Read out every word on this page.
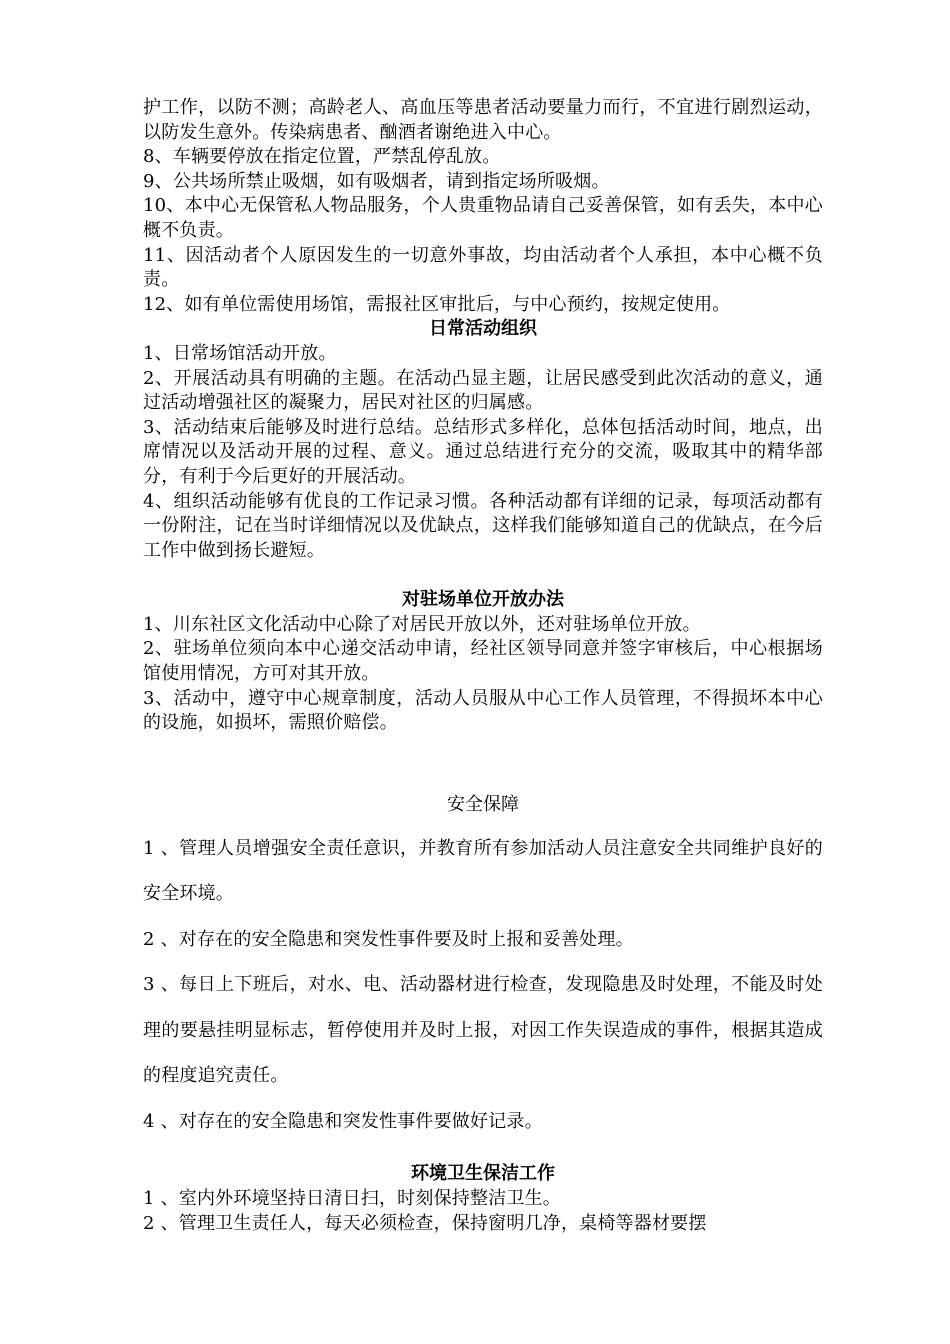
护工作，以防不测；高龄老人、高血压等患者活动要量力而行，不宜进行剧烈运动，以防发生意外。传染病患者、酗酒者谢绝进入中心。

8、车辆要停放在指定位置，严禁乱停乱放。

9、公共场所禁止吸烟，如有吸烟者，请到指定场所吸烟。

10、本中心无保管私人物品服务，个人贵重物品请自己妥善保管，如有丢失，本中心概不负责。

11、因活动者个人原因发生的一切意外事故，均由活动者个人承担，本中心概不负责。

12、如有单位需使用场馆，需报社区审批后，与中心预约，按规定使用。

日常活动组织

1、日常场馆活动开放。

2、开展活动具有明确的主题。在活动凸显主题，让居民感受到此次活动的意义，通过活动增强社区的凝聚力，居民对社区的归属感。

3、活动结束后能够及时进行总结。总结形式多样化，总体包括活动时间，地点，出席情况以及活动开展的过程、意义。通过总结进行充分的交流，吸取其中的精华部分，有利于今后更好的开展活动。

4、组织活动能够有优良的工作记录习惯。各种活动都有详细的记录，每项活动都有一份附注，记在当时详细情况以及优缺点，这样我们能够知道自己的优缺点，在今后工作中做到扬长避短。

对驻场单位开放办法

1、川东社区文化活动中心除了对居民开放以外，还对驻场单位开放。

2、驻场单位须向本中心递交活动申请，经社区领导同意并签字审核后，中心根据场馆使用情况，方可对其开放。

3、活动中，遵守中心规章制度，活动人员服从中心工作人员管理，不得损坏本中心的设施，如损坏，需照价赔偿。

安全保障

1 、管理人员增强安全责任意识，并教育所有参加活动人员注意安全共同维护良好的安全环境。

2 、对存在的安全隐患和突发性事件要及时上报和妥善处理。

3 、每日上下班后，对水、电、活动器材进行检查，发现隐患及时处理，不能及时处理的要悬挂明显标志，暂停使用并及时上报，对因工作失误造成的事件，根据其造成的程度追究责任。

4 、对存在的安全隐患和突发性事件要做好记录。

环境卫生保洁工作

1 、室内外环境坚持日清日扫，时刻保持整洁卫生。

2 、管理卫生责任人，每天必须检查，保持窗明几净，桌椅等器材要摆
